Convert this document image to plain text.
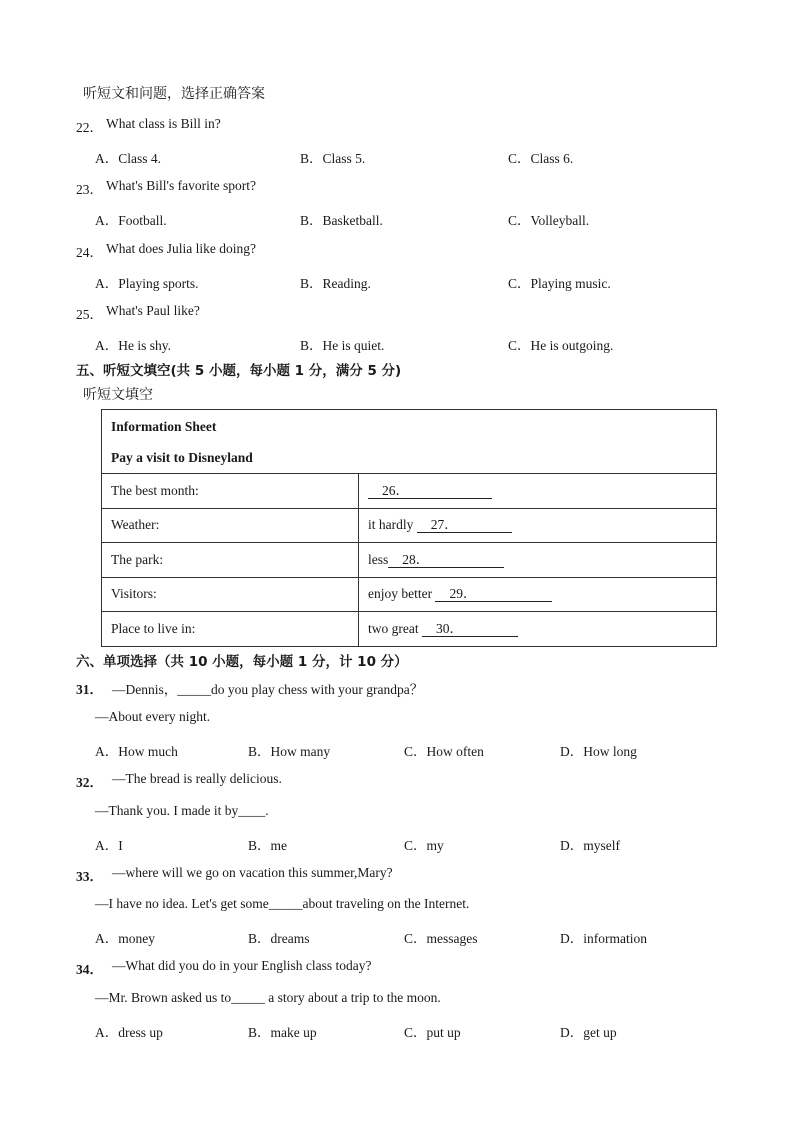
听短文和问题，选择正确答案
22． What class is Bill in?
A．Class 4.	B．Class 5.	C．Class 6.
23． What's Bill's favorite sport?
A．Football.	B．Basketball.	C．Volleyball.
24． What does Julia like doing?
A．Playing sports.	B．Reading.	C．Playing music.
25． What's Paul like?
A．He is shy.	B．He is quiet.	C．He is outgoing.
五、听短文填空(共 5 小题，每小题 1 分，满分 5 分)
听短文填空
Information Sheet
Pay a visit to Disneyland	

The best month:	26．
Weather:	it hardly 27．
The park:	less 28．
Visitors:	enjoy better 29．
Place to live in:	two great 30．
六、单项选择（共 10 小题，每小题 1 分，计 10 分）
31． —Dennis，_____do you play chess with your grandpa？
—About every night.
A．How much	B．How many	C．How often	D．How long
32． —The bread is really delicious.
—Thank you. I made it by____.
A．I	B．me	C．my	D．myself
33． —where will we go on vacation this summer,Mary?
—I have no idea. Let's get some_____about traveling on the Internet.
A．money	B．dreams	C．messages	D．information
34． —What did you do in your English class today?
—Mr. Brown asked us to_____ a story about a trip to the moon.
A．dress up	B．make up	C．put up	D．get up
